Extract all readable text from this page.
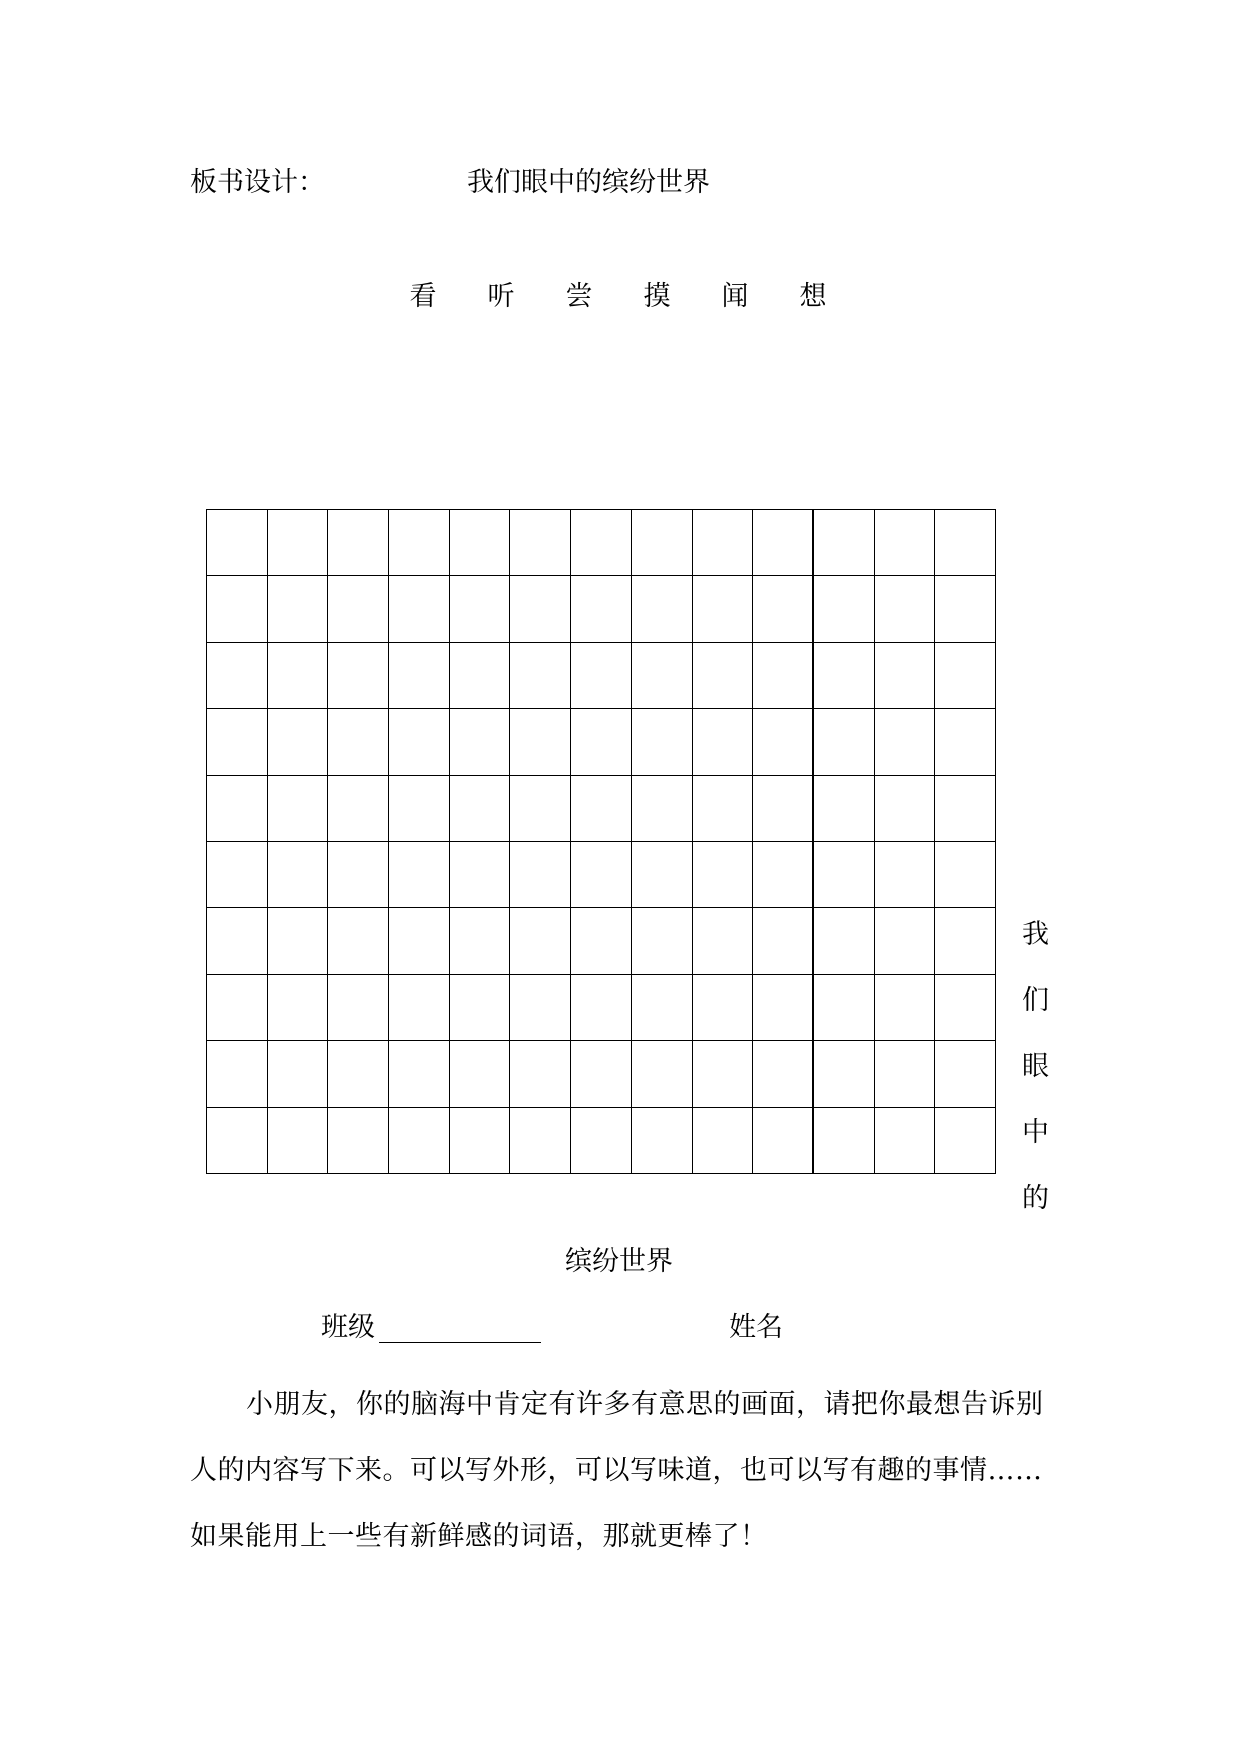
板书设计：	我们眼中的缤纷世界
看 听 尝 摸 闻 想
我
们
眼
中
的
缤纷世界
班级	姓名
小朋友，你的脑海中肯定有许多有意思的画面，请把你最想告诉别人的内容写下来。可以写外形，可以写味道，也可以写有趣的事情……如果能用上一些有新鲜感的词语，那就更棒了！
